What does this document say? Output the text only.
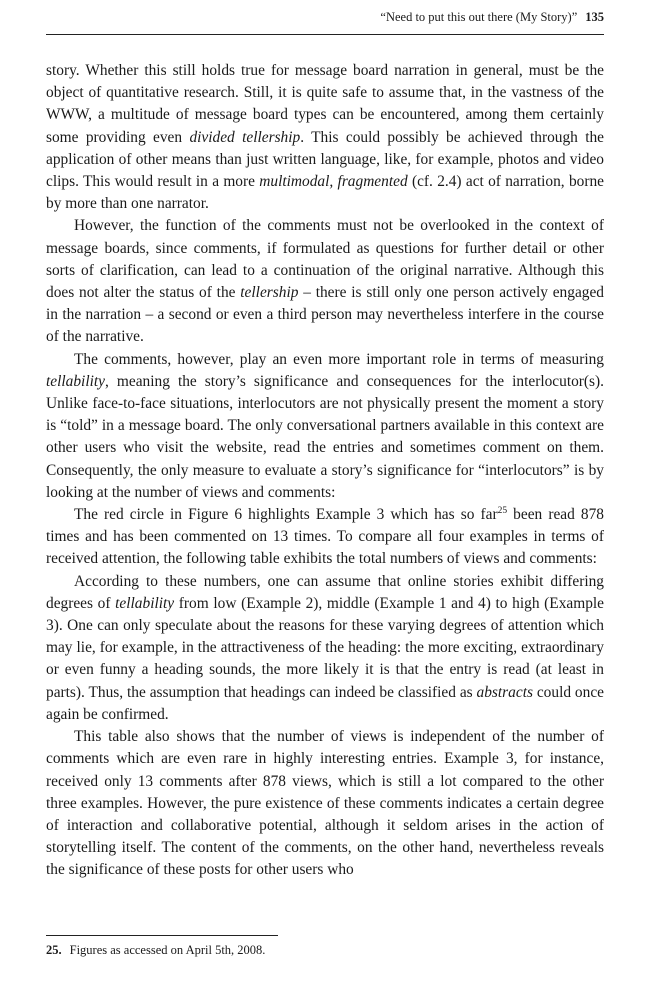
“Need to put this out there (My Story)” 135

story. Whether this still holds true for message board narration in general, must be the object of quantitative research. Still, it is quite safe to assume that, in the vastness of the WWW, a multitude of message board types can be encountered, among them certainly some providing even divided tellership. This could possibly be achieved through the application of other means than just written language, like, for example, photos and video clips. This would result in a more multimodal, fragmented (cf. 2.4) act of narration, borne by more than one narrator.

However, the function of the comments must not be overlooked in the context of message boards, since comments, if formulated as questions for further detail or other sorts of clarification, can lead to a continuation of the original narrative. Although this does not alter the status of the tellership – there is still only one person actively engaged in the narration – a second or even a third person may nevertheless interfere in the course of the narrative.

The comments, however, play an even more important role in terms of measuring tellability, meaning the story’s significance and consequences for the interlocutor(s). Unlike face-to-face situations, interlocutors are not physically present the moment a story is “told” in a message board. The only conversational partners available in this context are other users who visit the website, read the entries and sometimes comment on them. Consequently, the only measure to evaluate a story’s significance for “interlocutors” is by looking at the number of views and comments:

The red circle in Figure 6 highlights Example 3 which has so far$^{25}$ been read 878 times and has been commented on 13 times. To compare all four examples in terms of received attention, the following table exhibits the total numbers of views and comments:

According to these numbers, one can assume that online stories exhibit differing degrees of tellability from low (Example 2), middle (Example 1 and 4) to high (Example 3). One can only speculate about the reasons for these varying degrees of attention which may lie, for example, in the attractiveness of the heading: the more exciting, extraordinary or even funny a heading sounds, the more likely it is that the entry is read (at least in parts). Thus, the assumption that headings can indeed be classified as abstracts could once again be confirmed.

This table also shows that the number of views is independent of the number of comments which are even rare in highly interesting entries. Example 3, for instance, received only 13 comments after 878 views, which is still a lot compared to the other three examples. However, the pure existence of these comments indicates a certain degree of interaction and collaborative potential, although it seldom arises in the action of storytelling itself. The content of the comments, on the other hand, nevertheless reveals the significance of these posts for other users who

25. Figures as accessed on April 5th, 2008.
